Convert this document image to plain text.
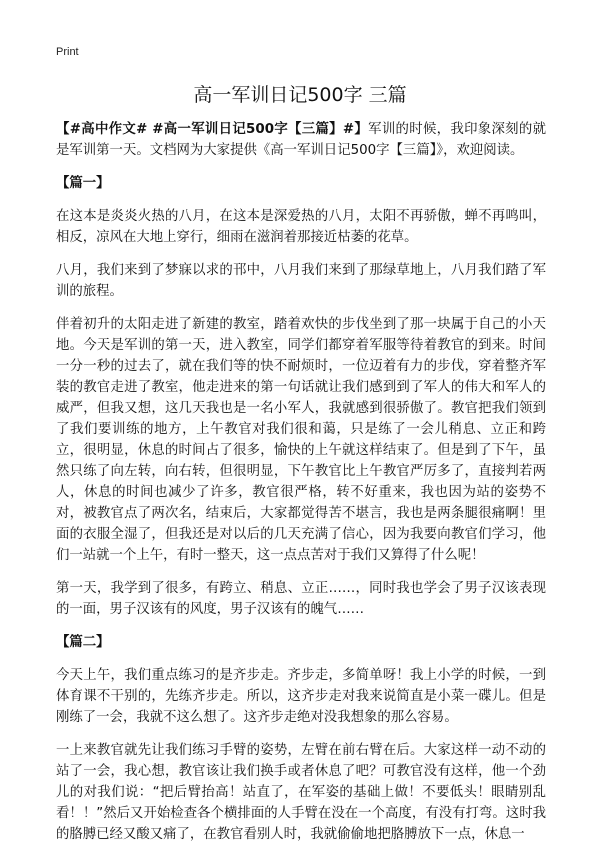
Print
高一军训日记500字 三篇

【#高中作文# #高一军训日记500字【三篇】#】军训的时候，我印象深刻的就是军训第一天。文档网为大家提供《高一军训日记500字【三篇】》，欢迎阅读。

【篇一】

在这本是炎炎火热的八月，在这本是深爱热的八月，太阳不再骄傲，蝉不再鸣叫，相反，凉风在大地上穿行，细雨在滋润着那接近枯萎的花草。

八月，我们来到了梦寐以求的邗中，八月我们来到了那绿草地上，八月我们踏了军训的旅程。

伴着初升的太阳走进了新建的教室，踏着欢快的步伐坐到了那一块属于自己的小天地。今天是军训的第一天，进入教室，同学们都穿着军服等待着教官的到来。时间一分一秒的过去了，就在我们等的快不耐烦时，一位迈着有力的步伐，穿着整齐军装的教官走进了教室，他走进来的第一句话就让我们感到到了军人的伟大和军人的威严，但我又想，这几天我也是一名小军人，我就感到很骄傲了。教官把我们领到了我们要训练的地方，上午教官对我们很和蔼，只是练了一会儿稍息、立正和跨立，很明显，休息的时间占了很多，愉快的上午就这样结束了。但是到了下午，虽然只练了向左转，向右转，但很明显，下午教官比上午教官严厉多了，直接判若两人，休息的时间也减少了许多，教官很严格，转不好重来，我也因为站的姿势不对，被教官点了两次名，结束后，大家都觉得苦不堪言，我也是两条腿很痛啊！里面的衣服全湿了，但我还是对以后的几天充满了信心，因为我要向教官们学习，他们一站就一个上午，有时一整天，这一点点苦对于我们又算得了什么呢！

第一天，我学到了很多，有跨立、稍息、立正……，同时我也学会了男子汉该表现的一面，男子汉该有的风度，男子汉该有的魄气……

【篇二】

今天上午，我们重点练习的是齐步走。齐步走，多简单呀！我上小学的时候，一到体育课不干别的，先练齐步走。所以，这齐步走对我来说简直是小菜一碟儿。但是刚练了一会，我就不这么想了。这齐步走绝对没我想象的那么容易。

一上来教官就先让我们练习手臂的姿势，左臂在前右臂在后。大家这样一动不动的站了一会，我心想，教官该让我们换手或者休息了吧？可教官没有这样，他一个劲儿的对我们说：“把后臂抬高！站直了，在军姿的基础上做！不要低头！眼睛别乱看！！”然后又开始检查各个横排面的人手臂在没在一个高度，有没有打弯。这时我的胳膊已经又酸又痛了，在教官看别人时，我就偷偷地把胳膊放下一点，休息一
